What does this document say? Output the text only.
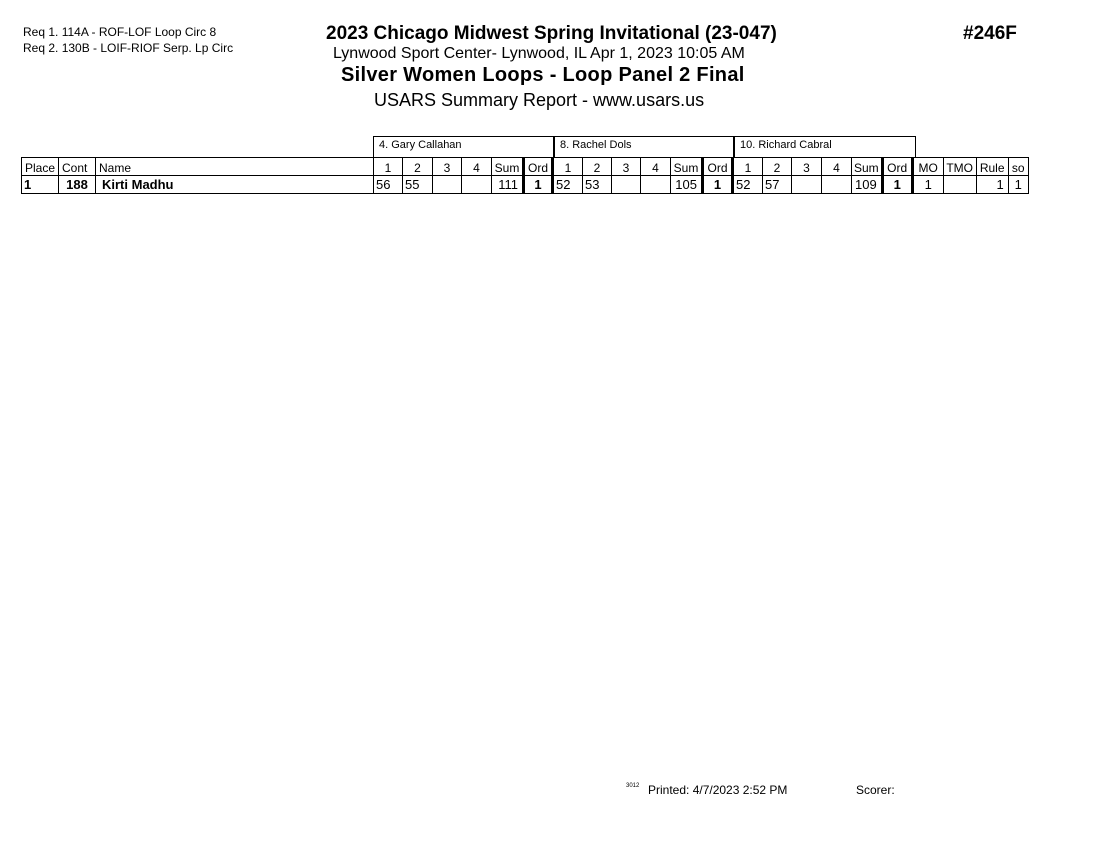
Req 1. 114A - ROF-LOF Loop Circ 8
Req 2. 130B - LOIF-RIOF Serp. Lp Circ
2023 Chicago Midwest Spring Invitational (23-047)	#246F
Lynwood Sport Center- Lynwood, IL Apr 1, 2023 10:05 AM
Silver Women Loops - Loop Panel 2 Final
USARS Summary Report - www.usars.us
4. Gary Callahan	8. Rachel Dols	10. Richard Cabral
Place	Cont	Name	1	2	3	4	Sum	Ord	1	2	3	4	Sum	Ord	1	2	3	4	Sum	Ord	MO	TMO	Rule	so
1	188	Kirti Madhu	56	55			111	1	52	53			105	1	52	57			109	1	1		1	1
3012 Printed: 4/7/2023 2:52 PM	Scorer:
